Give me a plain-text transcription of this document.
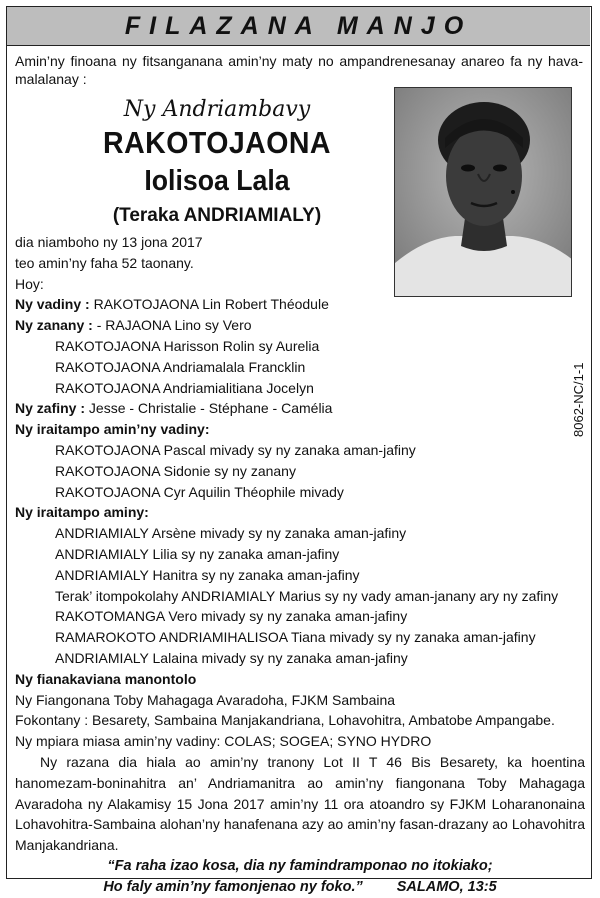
FILAZANA MANJO
Amin’ny finoana ny fitsanganana amin’ny maty no ampandrenesanay anareo fa ny hava-malalanay :
Ny Andriambavy
RAKOTOJAONA
Iolisoa Lala
(Teraka ANDRIAMIALY)
8062-NC/1-1
dia niamboho ny 13 jona 2017
teo amin’ny faha 52 taonany.
Hoy:
Ny vadiny : RAKOTOJAONA Lin Robert Théodule
Ny zanany : - RAJAONA Lino sy Vero
RAKOTOJAONA Harisson Rolin sy Aurelia
RAKOTOJAONA Andriamalala Francklin
RAKOTOJAONA Andriamialitiana Jocelyn
Ny zafiny : Jesse - Christalie - Stéphane - Camélia
Ny iraitampo amin’ny vadiny:
RAKOTOJAONA Pascal mivady sy ny zanaka aman-jafiny
RAKOTOJAONA Sidonie sy ny zanany
RAKOTOJAONA Cyr Aquilin Théophile mivady
Ny iraitampo aminy:
ANDRIAMIALY Arsène mivady sy ny zanaka aman-jafiny
ANDRIAMIALY Lilia sy ny zanaka aman-jafiny
ANDRIAMIALY Hanitra sy ny zanaka aman-jafiny
Terak’ itompokolahy ANDRIAMIALY Marius sy ny vady aman-janany ary ny zafiny
RAKOTOMANGA Vero mivady sy ny zanaka aman-jafiny
RAMAROKOTO ANDRIAMIHALISOA Tiana mivady sy ny zanaka aman-jafiny
ANDRIAMIALY Lalaina mivady sy ny zanaka aman-jafiny
Ny fianakaviana manontolo
Ny Fiangonana Toby Mahagaga Avaradoha, FJKM Sambaina
Fokontany : Besarety, Sambaina Manjakandriana, Lohavohitra, Ambatobe Ampangabe.
Ny mpiara miasa amin’ny vadiny: COLAS; SOGEA; SYNO HYDRO
Ny razana dia hiala ao amin’ny tranony Lot II T 46 Bis Besarety, ka hoentina hanomezam-boninahitra an’ Andriamanitra ao amin’ny fiangonana Toby Mahagaga Avaradoha ny Alakamisy 15 Jona 2017 amin’ny 11 ora atoandro sy FJKM Loharanonaina Lohavohitra-Sambaina alohan’ny hanafenana azy ao amin’ny fasan-drazany ao Lohavohitra Manjakandriana.
“Fa raha izao kosa, dia ny famindramponao no itokiako;
Ho faly amin’ny famonjenao ny foko.” SALAMO, 13:5
